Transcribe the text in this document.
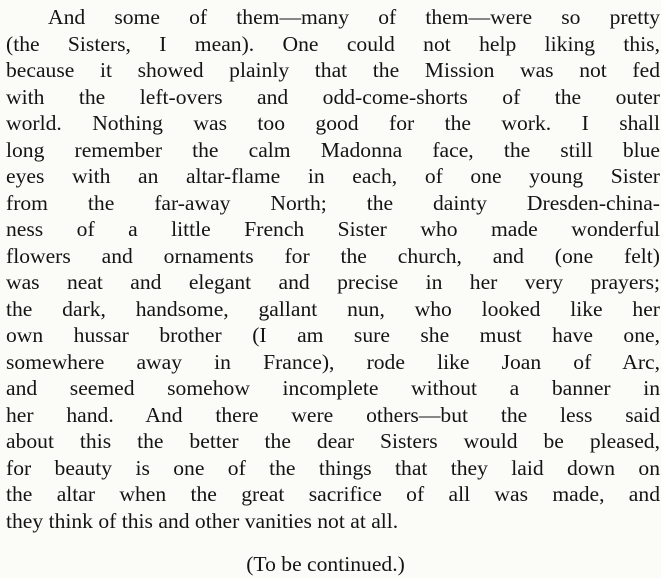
And some of them—many of them—were so pretty
(the Sisters, I mean). One could not help liking this,
because it showed plainly that the Mission was not fed
with the left-overs and odd-come-shorts of the outer
world. Nothing was too good for the work. I shall
long remember the calm Madonna face, the still blue
eyes with an altar-flame in each, of one young Sister
from the far-away North; the dainty Dresden-china-
ness of a little French Sister who made wonderful
flowers and ornaments for the church, and (one felt)
was neat and elegant and precise in her very prayers;
the dark, handsome, gallant nun, who looked like her
own hussar brother (I am sure she must have one,
somewhere away in France), rode like Joan of Arc,
and seemed somehow incomplete without a banner in
her hand. And there were others—but the less said
about this the better the dear Sisters would be pleased,
for beauty is one of the things that they laid down on
the altar when the great sacrifice of all was made, and
they think of this and other vanities not at all.
(To be continued.)
